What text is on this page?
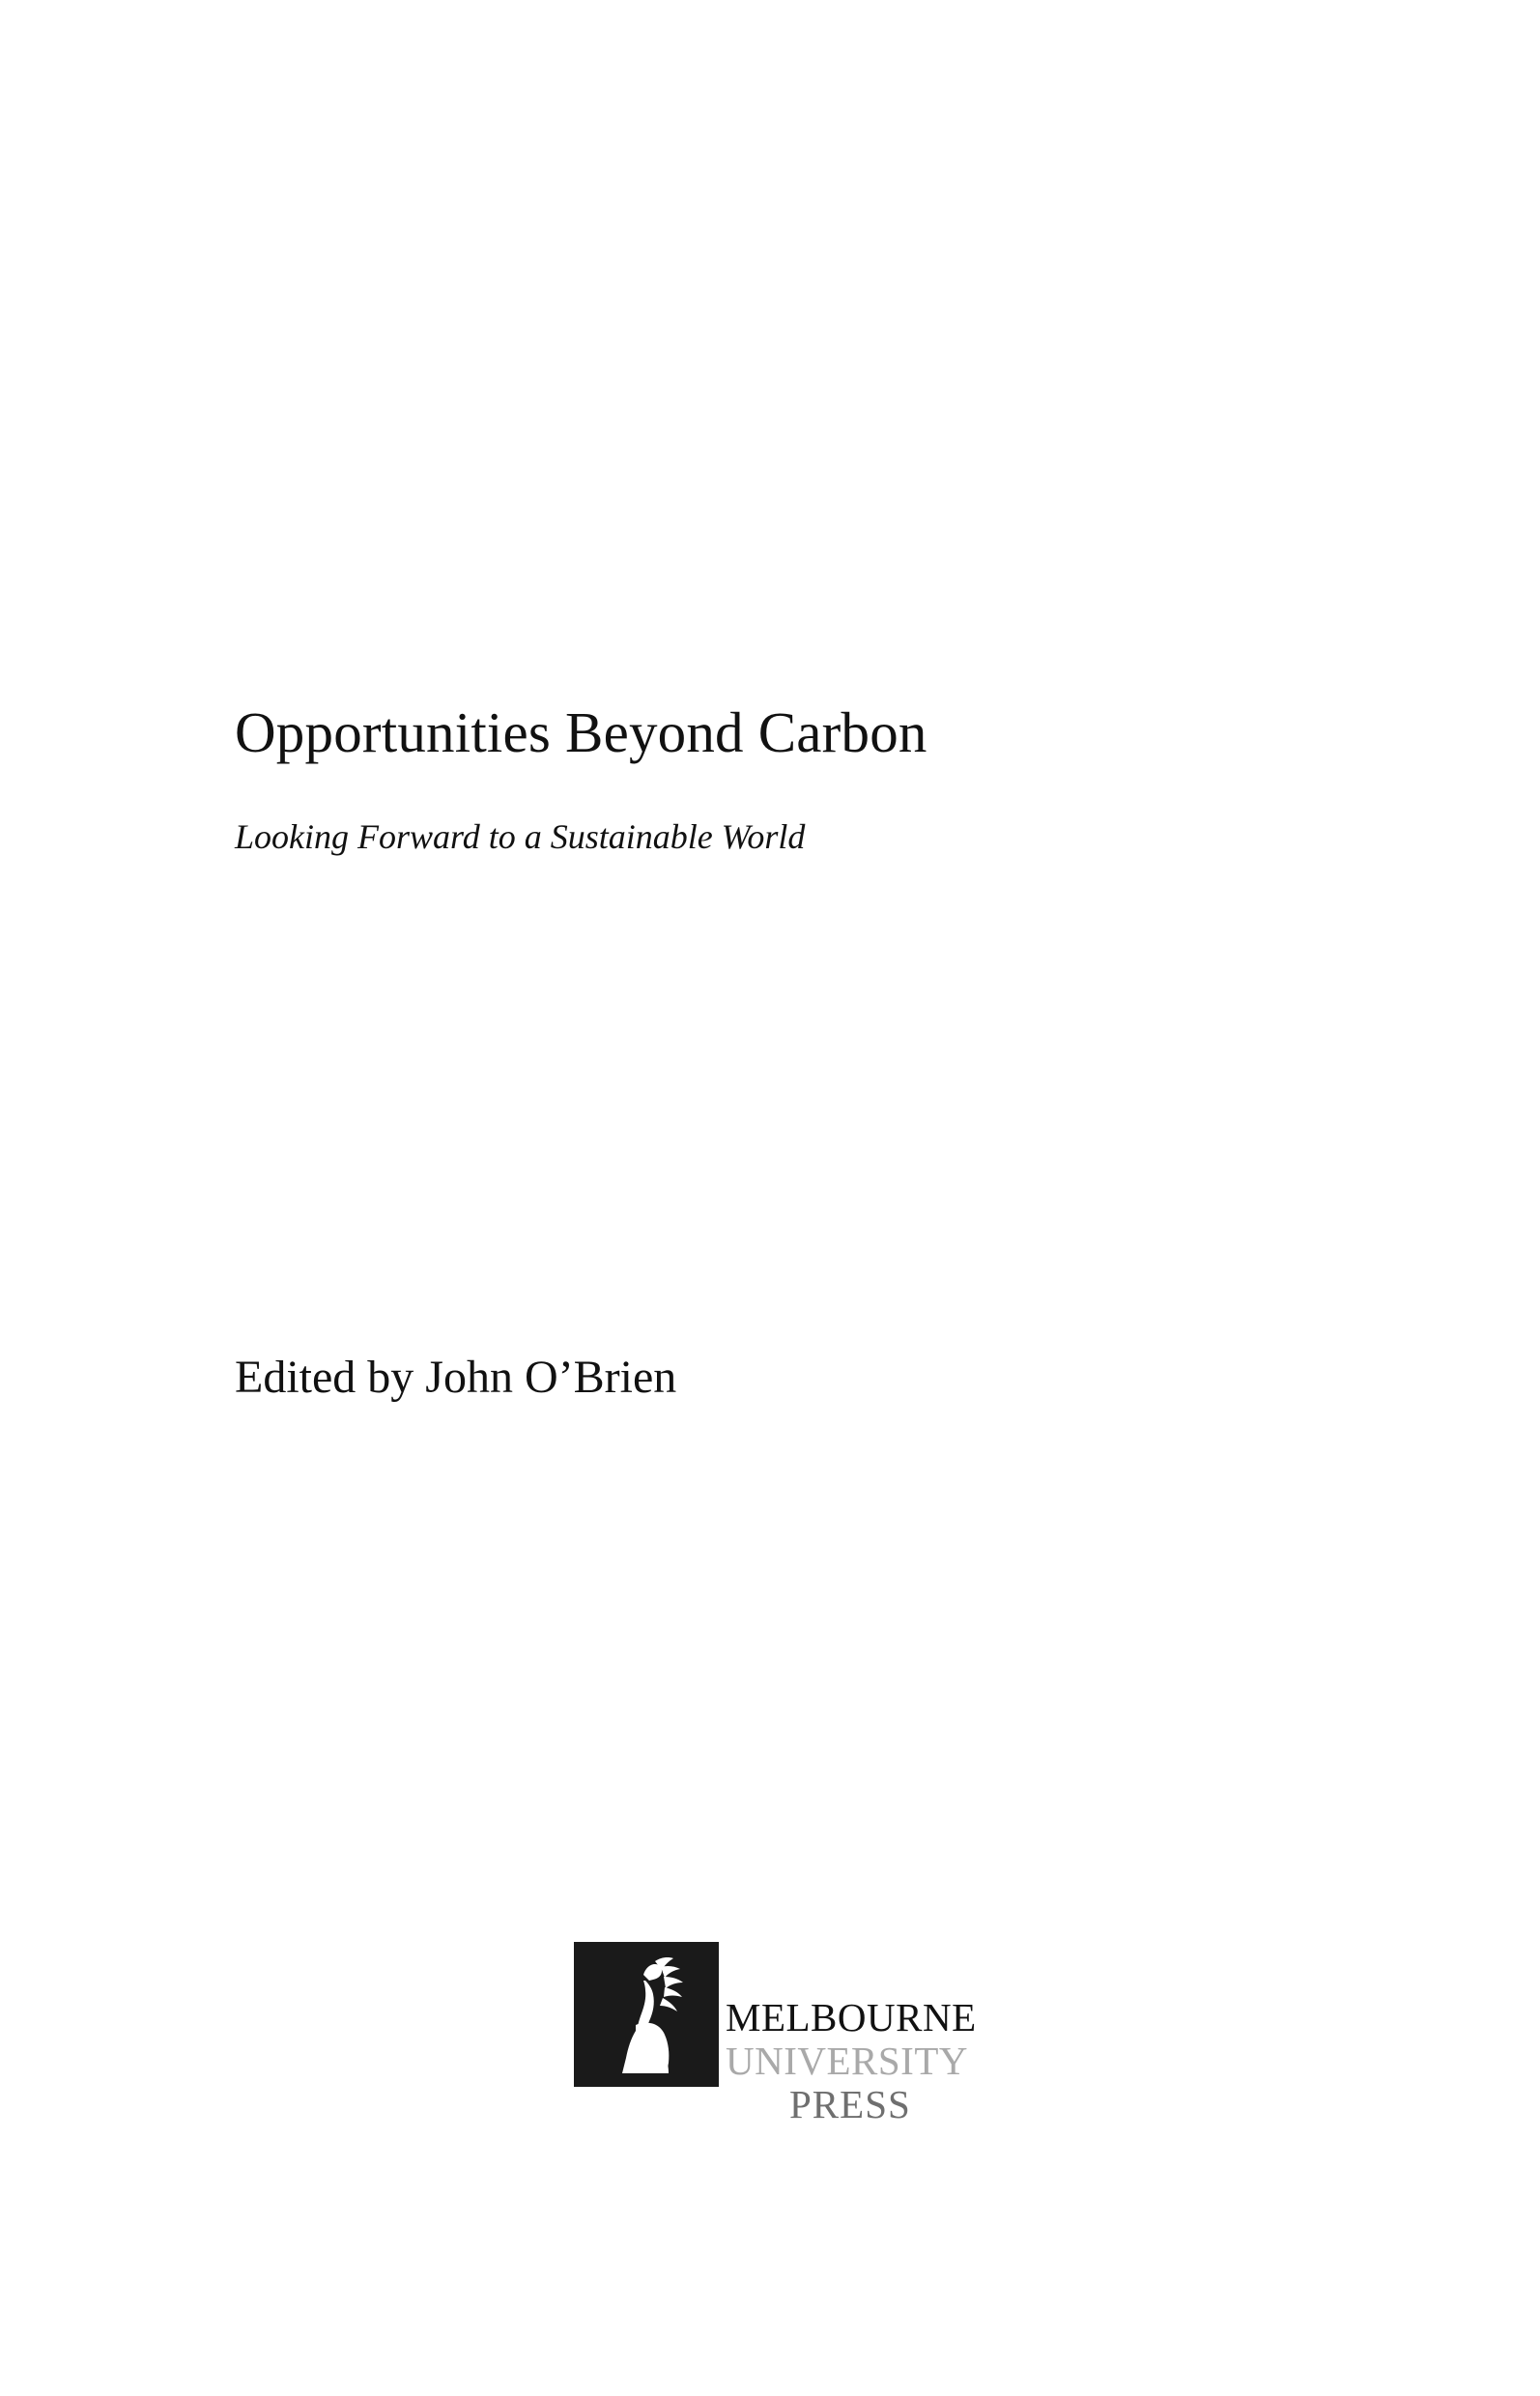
Opportunities Beyond Carbon

Looking Forward to a Sustainable World

Edited by John O’Brien
MELBOURNE
UNIVERSITY
PRESS
